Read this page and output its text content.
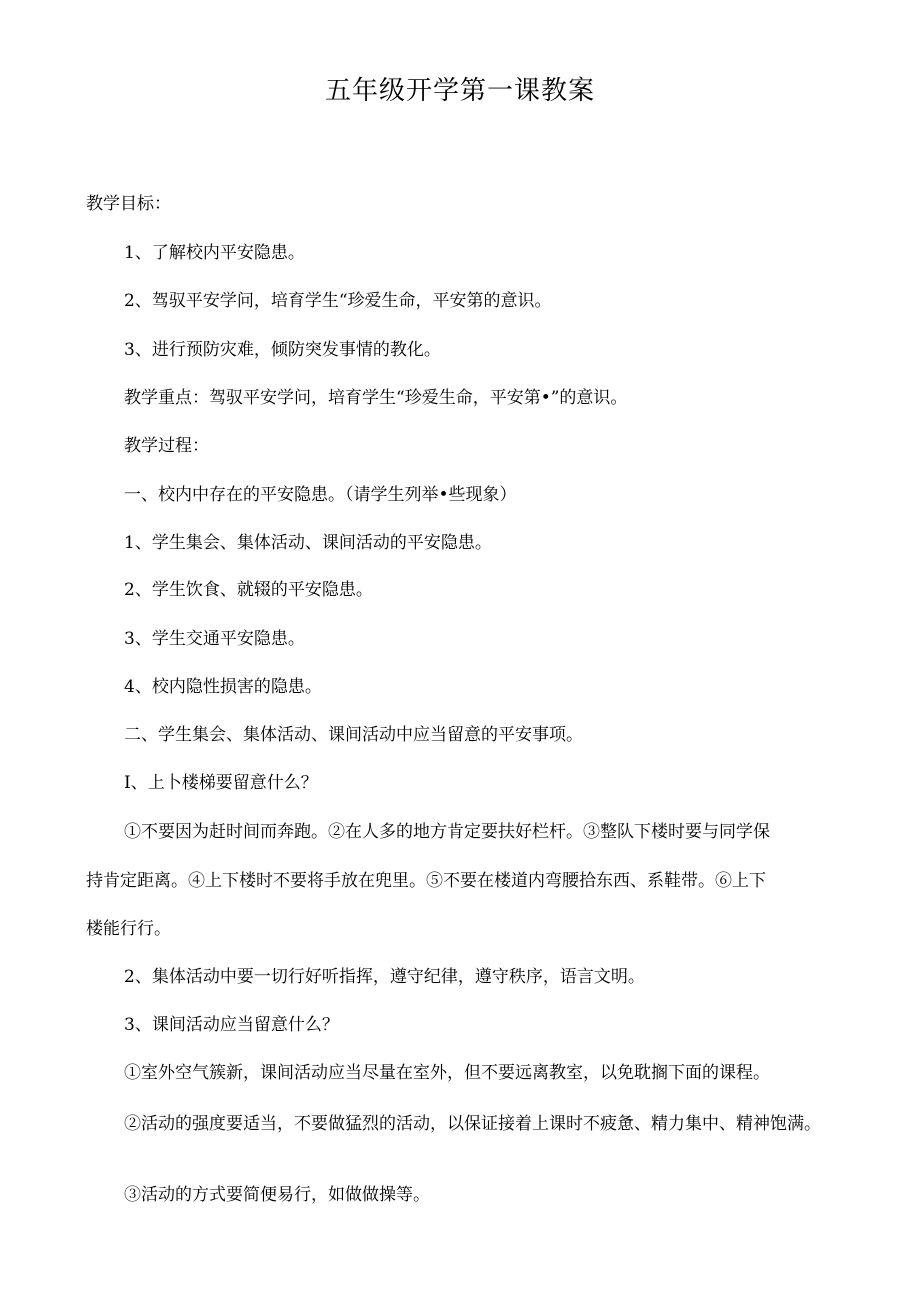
五年级开学第一课教案
教学目标：
1、了解校内平安隐患。
2、驾驭平安学问，培育学生“珍爱生命，平安第的意识。
3、进行预防灾难，倾防突发事情的教化。
教学重点：驾驭平安学问，培育学生“珍爱生命，平安第•”的意识。
教学过程：
一、校内中存在的平安隐患。（请学生列举•些现象）
1、学生集会、集体活动、课间活动的平安隐患。
2、学生饮食、就辍的平安隐患。
3、学生交通平安隐患。
4、校内隐性损害的隐患。
二、学生集会、集体活动、课间活动中应当留意的平安事项。
I、上卜楼梯要留意什么？
①不要因为赶时间而奔跑。②在人多的地方肯定要扶好栏杆。③整队下楼时要与同学保
持肯定距离。④上下楼时不要将手放在兜里。⑤不要在楼道内弯腰拾东西、系鞋带。⑥上下
楼能行行。
2、集体活动中要一切行好听指挥，遵守纪律，遵守秩序，语言文明。
3、课间活动应当留意什么？
①室外空气簇新，课间活动应当尽量在室外，但不要远离教室，以免耽搁下面的课程。
②活动的强度要适当，不要做猛烈的活动，以保证接着上课时不疲惫、精力集中、精神饱满。
③活动的方式要简便易行，如做做操等。
